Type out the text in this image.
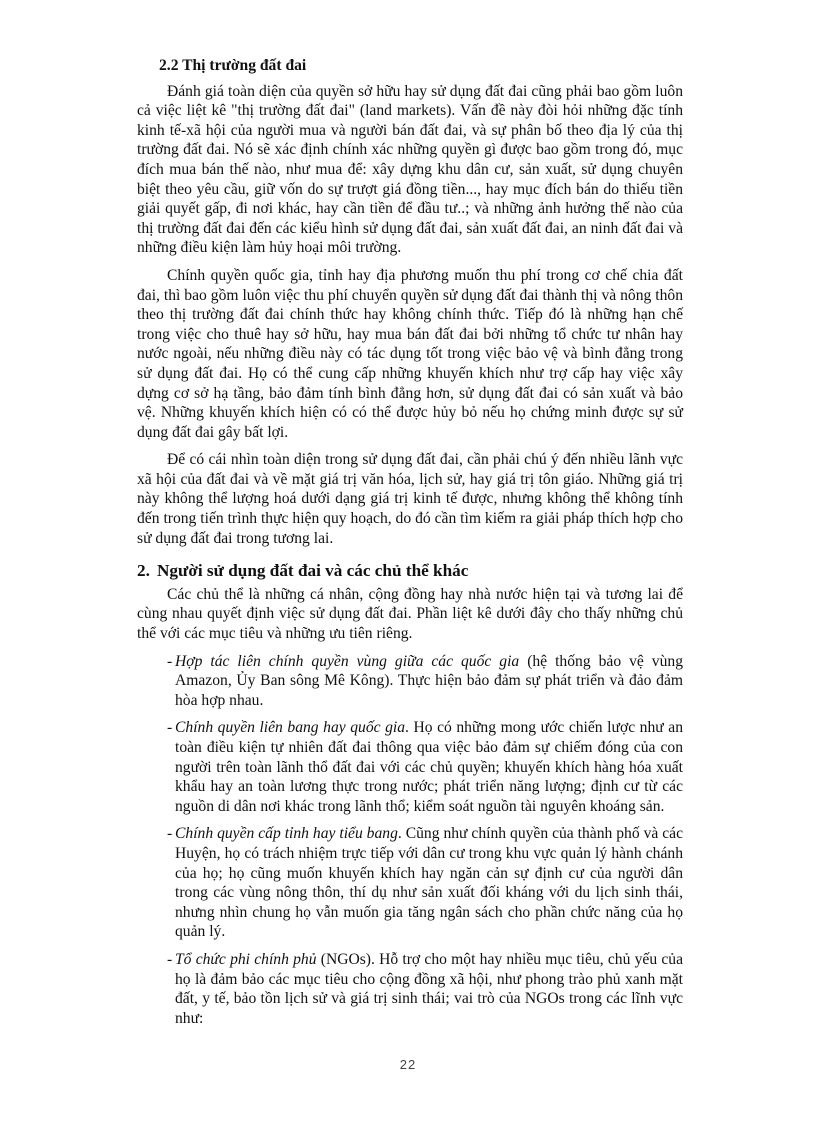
2.2 Thị trường đất đai

Đánh giá toàn diện của quyền sở hữu hay sử dụng đất đai cũng phải bao gồm luôn cả việc liệt kê "thị trường đất đai" (land markets). Vấn đề này đòi hỏi những đặc tính kinh tế-xã hội của người mua và người bán đất đai, và sự phân bố theo địa lý của thị trường đất đai. Nó sẽ xác định chính xác những quyền gì được bao gồm trong đó, mục đích mua bán thế nào, như mua để: xây dựng khu dân cư, sản xuất, sử dụng chuyên biệt theo yêu cầu, giữ vốn do sự trượt giá đồng tiền..., hay mục đích bán do thiếu tiền giải quyết gấp, đi nơi khác, hay cần tiền để đầu tư..; và những ảnh hưởng thế nào của thị trường đất đai đến các kiểu hình sử dụng đất đai, sản xuất đất đai, an ninh đất đai và những điều kiện làm hủy hoại môi trường.

Chính quyền quốc gia, tỉnh hay địa phương muốn thu phí trong cơ chế chia đất đai, thì bao gồm luôn việc thu phí chuyển quyền sử dụng đất đai thành thị và nông thôn theo thị trường đất đai chính thức hay không chính thức. Tiếp đó là những hạn chế trong việc cho thuê hay sở hữu, hay mua bán đất đai bởi những tổ chức tư nhân hay nước ngoài, nếu những điều này có tác dụng tốt trong việc bảo vệ và bình đẳng trong sử dụng đất đai. Họ có thể cung cấp những khuyến khích như trợ cấp hay việc xây dựng cơ sở hạ tầng, bảo đảm tính bình đẳng hơn, sử dụng đất đai có sản xuất và bảo vệ. Những khuyến khích hiện có có thể được hủy bỏ nếu họ chứng minh được sự sử dụng đất đai gây bất lợi.

Để có cái nhìn toàn diện trong sử dụng đất đai, cần phải chú ý đến nhiều lãnh vực xã hội của đất đai và về mặt giá trị văn hóa, lịch sử, hay giá trị tôn giáo. Những giá trị này không thể lượng hoá dưới dạng giá trị kinh tế được, nhưng không thể không tính đến trong tiến trình thực hiện quy hoạch, do đó cần tìm kiếm ra giải pháp thích hợp cho sử dụng đất đai trong tương lai.

2. Người sử dụng đất đai và các chủ thể khác

Các chủ thể là những cá nhân, cộng đồng hay nhà nước hiện tại và tương lai để cùng nhau quyết định việc sử dụng đất đai. Phần liệt kê dưới đây cho thấy những chủ thể với các mục tiêu và những ưu tiên riêng.

- Hợp tác liên chính quyền vùng giữa các quốc gia (hệ thống bảo vệ vùng Amazon, Ủy Ban sông Mê Kông). Thực hiện bảo đảm sự phát triển và đảo đảm hòa hợp nhau.
- Chính quyền liên bang hay quốc gia. Họ có những mong ước chiến lược như an toàn điều kiện tự nhiên đất đai thông qua việc bảo đảm sự chiếm đóng của con người trên toàn lãnh thổ đất đai với các chủ quyền; khuyến khích hàng hóa xuất khẩu hay an toàn lương thực trong nước; phát triển năng lượng; định cư từ các nguồn di dân nơi khác trong lãnh thổ; kiểm soát nguồn tài nguyên khoáng sản.
- Chính quyền cấp tỉnh hay tiểu bang. Cũng như chính quyền của thành phố và các Huyện, họ có trách nhiệm trực tiếp với dân cư trong khu vực quản lý hành chánh của họ; họ cũng muốn khuyến khích hay ngăn cản sự định cư của người dân trong các vùng nông thôn, thí dụ như sản xuất đối kháng với du lịch sinh thái, nhưng nhìn chung họ vẫn muốn gia tăng ngân sách cho phần chức năng của họ quản lý.
- Tổ chức phi chính phủ (NGOs). Hỗ trợ cho một hay nhiều mục tiêu, chủ yếu của họ là đảm bảo các mục tiêu cho cộng đồng xã hội, như phong trào phủ xanh mặt đất, y tế, bảo tồn lịch sử và giá trị sinh thái; vai trò của NGOs trong các lĩnh vực như:
22
